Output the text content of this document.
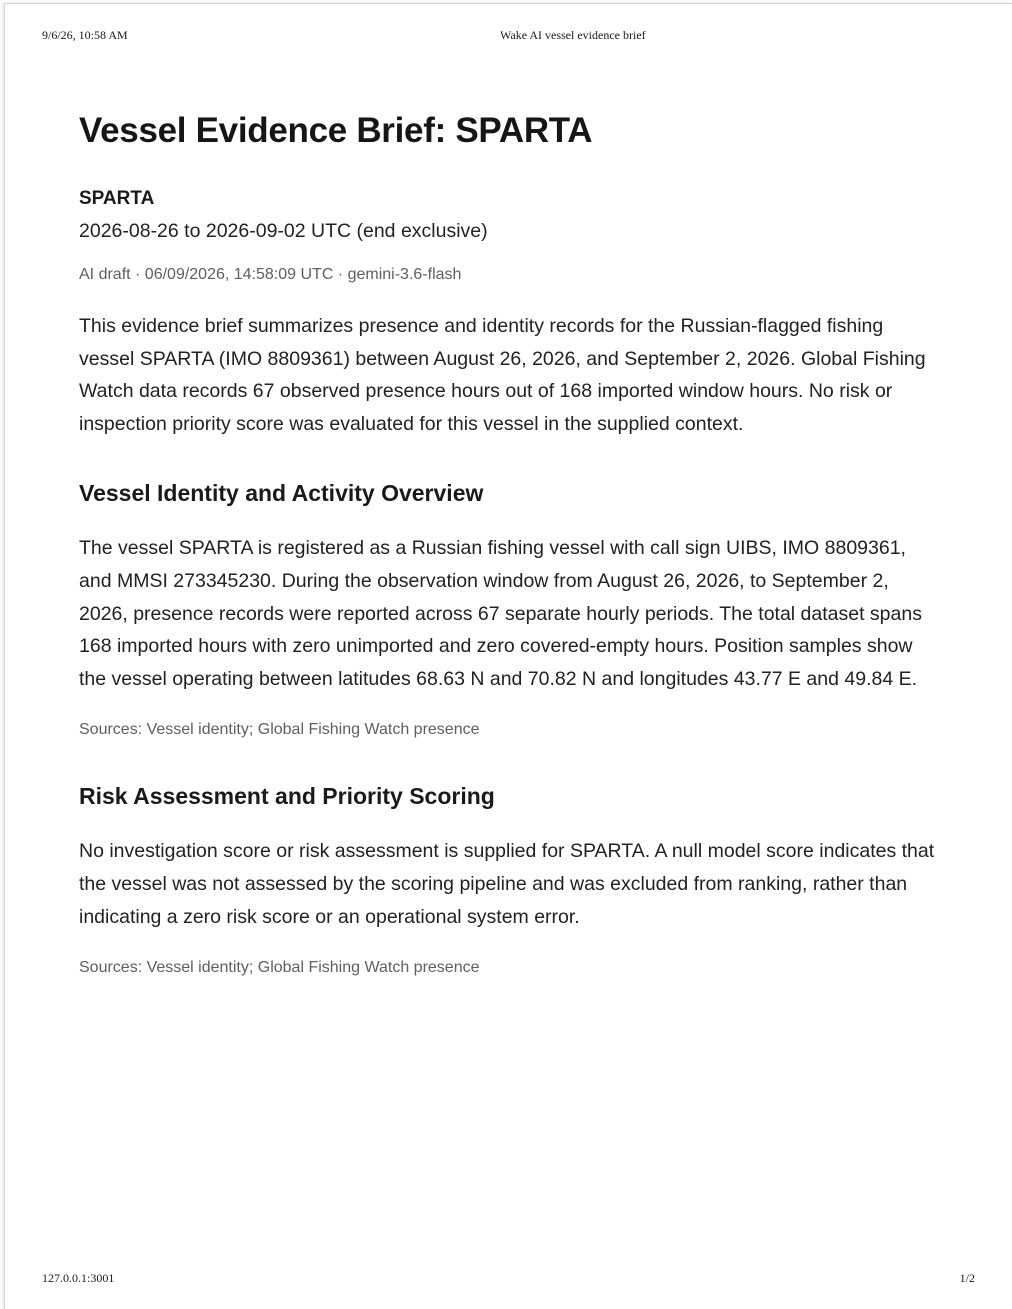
9/6/26, 10:58 AM	Wake AI vessel evidence brief
Vessel Evidence Brief: SPARTA
SPARTA
2026-08-26 to 2026-09-02 UTC (end exclusive)
AI draft · 06/09/2026, 14:58:09 UTC · gemini-3.6-flash

This evidence brief summarizes presence and identity records for the Russian-flagged fishing vessel SPARTA (IMO 8809361) between August 26, 2026, and September 2, 2026. Global Fishing Watch data records 67 observed presence hours out of 168 imported window hours. No risk or inspection priority score was evaluated for this vessel in the supplied context.

Vessel Identity and Activity Overview

The vessel SPARTA is registered as a Russian fishing vessel with call sign UIBS, IMO 8809361, and MMSI 273345230. During the observation window from August 26, 2026, to September 2, 2026, presence records were reported across 67 separate hourly periods. The total dataset spans 168 imported hours with zero unimported and zero covered-empty hours. Position samples show the vessel operating between latitudes 68.63 N and 70.82 N and longitudes 43.77 E and 49.84 E.

Sources: Vessel identity; Global Fishing Watch presence
Risk Assessment and Priority Scoring

No investigation score or risk assessment is supplied for SPARTA. A null model score indicates that the vessel was not assessed by the scoring pipeline and was excluded from ranking, rather than indicating a zero risk score or an operational system error.

Sources: Vessel identity; Global Fishing Watch presence
127.0.0.1:3001	1/2
